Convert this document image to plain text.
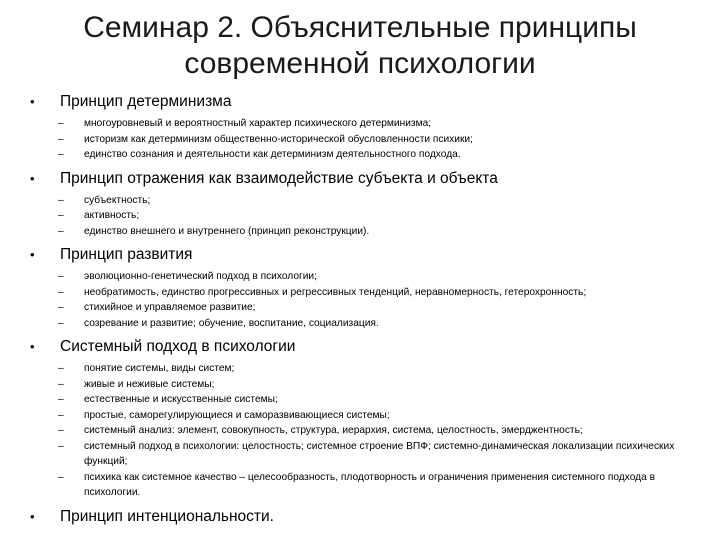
Семинар 2. Объяснительные принципы
современной психологии
• Принцип детерминизма
– многоуровневый и вероятностный характер психического детерминизма;
– историзм как детерминизм общественно-исторической обусловленности психики;
– единство сознания и деятельности как детерминизм деятельностного подхода.
• Принцип отражения как взаимодействие субъекта и объекта
– субъектность;
– активность;
– единство внешнего и внутреннего (принцип реконструкции).
• Принцип развития
– эволюционно-генетический подход в психологии;
– необратимость, единство прогрессивных и регрессивных тенденций, неравномерность, гетерохронность;
– стихийное и управляемое развитие;
– созревание и развитие; обучение, воспитание, социализация.
• Системный подход в психологии
– понятие системы, виды систем;
– живые и неживые системы;
– естественные и искусственные системы;
– простые, саморегулирующиеся и саморазвивающиеся системы;
– системный анализ: элемент, совокупность, структура, иерархия, система, целостность, эмерджентность;
– системный подход в психологии: целостность; системное строение ВПФ; системно-динамическая локализации психических функций;
– психика как системное качество – целесообразность, плодотворность и ограничения применения системного подхода в психологии.
• Принцип интенциональности.
